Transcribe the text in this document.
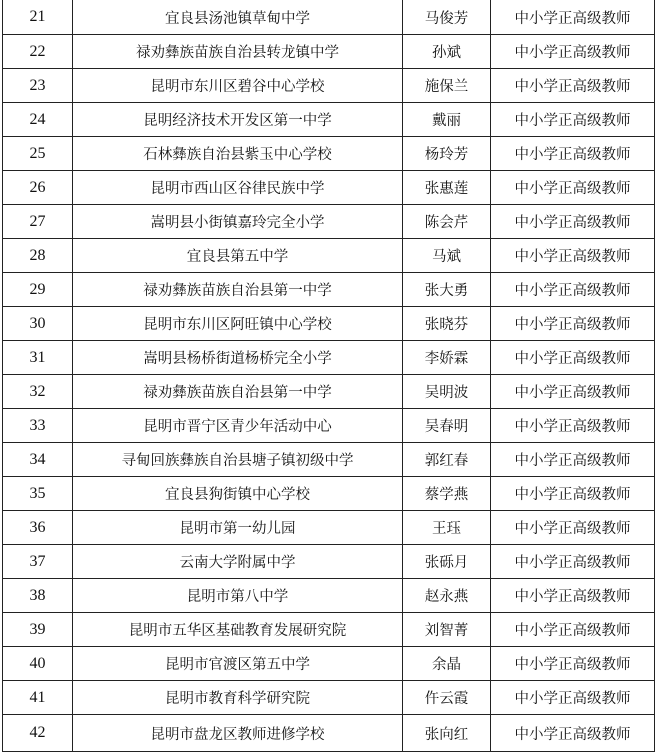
21	宜良县汤池镇草甸中学	马俊芳	中小学正高级教师
22	禄劝彝族苗族自治县转龙镇中学	孙斌	中小学正高级教师
23	昆明市东川区碧谷中心学校	施保兰	中小学正高级教师
24	昆明经济技术开发区第一中学	戴丽	中小学正高级教师
25	石林彝族自治县紫玉中心学校	杨玲芳	中小学正高级教师
26	昆明市西山区谷律民族中学	张惠莲	中小学正高级教师
27	嵩明县小街镇嘉玲完全小学	陈会芹	中小学正高级教师
28	宜良县第五中学	马斌	中小学正高级教师
29	禄劝彝族苗族自治县第一中学	张大勇	中小学正高级教师
30	昆明市东川区阿旺镇中心学校	张晓芬	中小学正高级教师
31	嵩明县杨桥街道杨桥完全小学	李娇霖	中小学正高级教师
32	禄劝彝族苗族自治县第一中学	吴明波	中小学正高级教师
33	昆明市晋宁区青少年活动中心	吴春明	中小学正高级教师
34	寻甸回族彝族自治县塘子镇初级中学	郭红春	中小学正高级教师
35	宜良县狗街镇中心学校	蔡学燕	中小学正高级教师
36	昆明市第一幼儿园	王珏	中小学正高级教师
37	云南大学附属中学	张砾月	中小学正高级教师
38	昆明市第八中学	赵永燕	中小学正高级教师
39	昆明市五华区基础教育发展研究院	刘智菁	中小学正高级教师
40	昆明市官渡区第五中学	余晶	中小学正高级教师
41	昆明市教育科学研究院	仵云霞	中小学正高级教师
42	昆明市盘龙区教师进修学校	张向红	中小学正高级教师
